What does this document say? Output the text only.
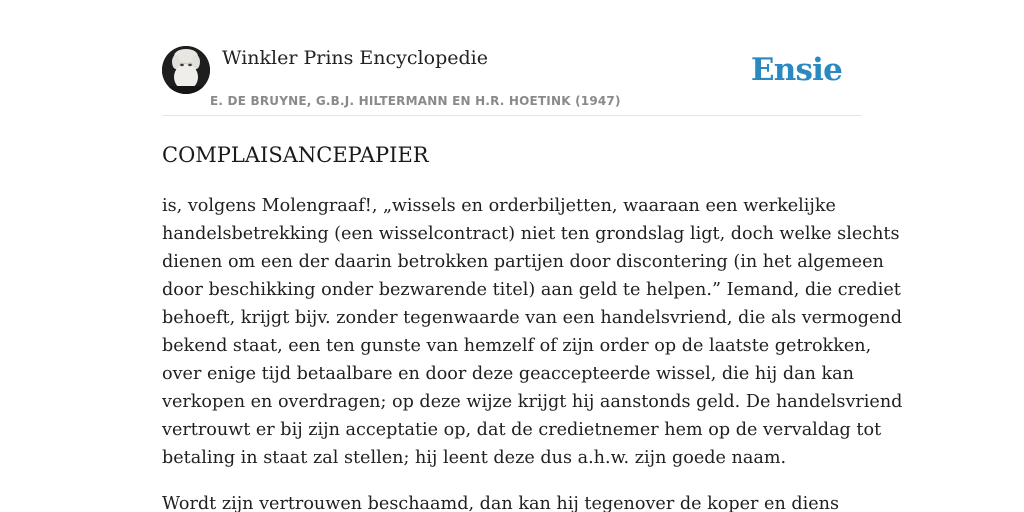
Winkler Prins Encyclopedie
E. DE BRUYNE, G.B.J. HILTERMANN EN H.R. HOETINK (1947)
Ensie
COMPLAISANCEPAPIER

is, volgens Molengraaf!, „wissels en orderbiljetten, waaraan een werkelijke
handelsbetrekking (een wisselcontract) niet ten grondslag ligt, doch welke slechts
dienen om een der daarin betrokken partijen door discontering (in het algemeen
door beschikking onder bezwarende titel) aan geld te helpen.” Iemand, die crediet
behoeft, krijgt bijv. zonder tegenwaarde van een handelsvriend, die als vermogend
bekend staat, een ten gunste van hemzelf of zijn order op de laatste getrokken,
over enige tijd betaalbare en door deze geaccepteerde wissel, die hij dan kan
verkopen en overdragen; op deze wijze krijgt hij aanstonds geld. De handelsvriend
vertrouwt er bij zijn acceptatie op, dat de credietnemer hem op de vervaldag tot
betaling in staat zal stellen; hij leent deze dus a.h.w. zijn goede naam.

Wordt zijn vertrouwen beschaamd, dan kan hij tegenover de koper en diens
